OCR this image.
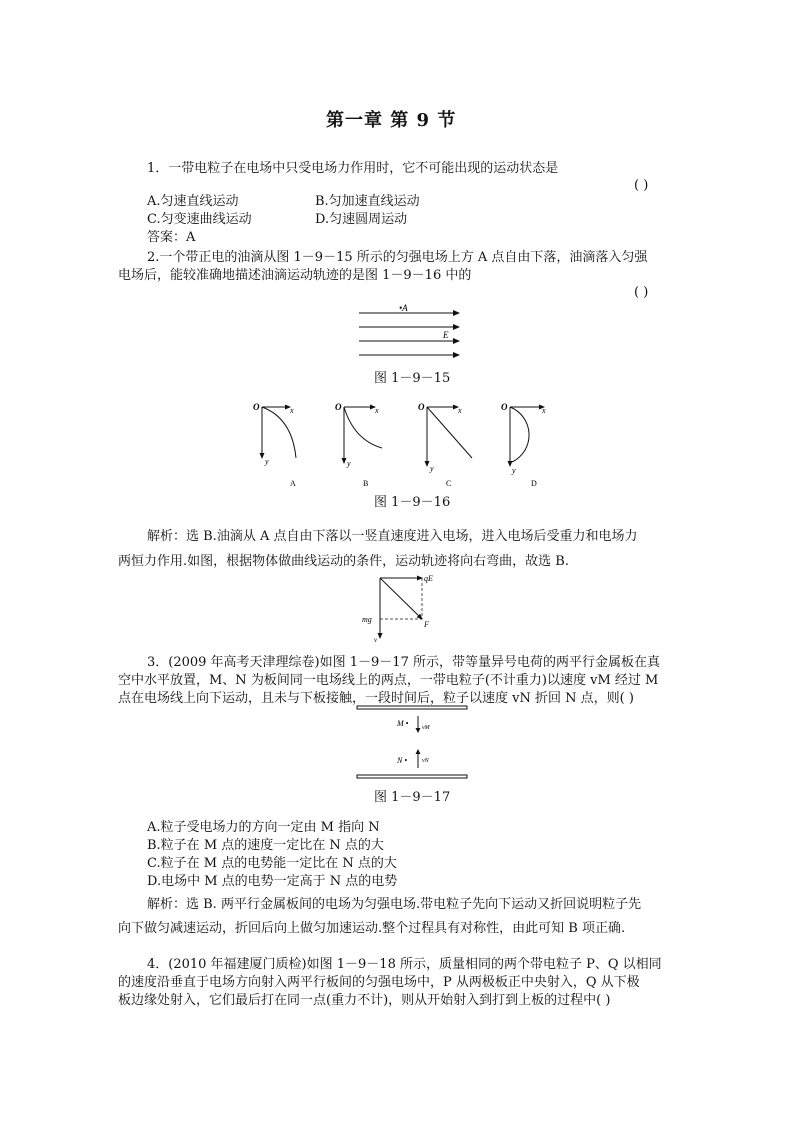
第一章 第 9 节
1．一带电粒子在电场中只受电场力作用时，它不可能出现的运动状态是
( )
A.匀速直线运动	B.匀加速直线运动
C.匀变速曲线运动	D.匀速圆周运动
答案：A
2.一个带正电的油滴从图 1－9－15 所示的匀强电场上方 A 点自由下落，油滴落入匀强
电场后，能较准确地描述油滴运动轨迹的是图 1－9－16 中的
( )
•A
E
图 1－9－15
O	x
y
A
O	x
y
B
O	x
y
C
O	x
y
D
图 1－9－16
解析：选 B.油滴从 A 点自由下落以一竖直速度进入电场，进入电场后受重力和电场力
两恒力作用.如图，根据物体做曲线运动的条件，运动轨迹将向右弯曲，故选 B.
qE
mg
F
v
3．(2009 年高考天津理综卷)如图 1－9－17 所示，带等量异号电荷的两平行金属板在真
空中水平放置，M、N 为板间同一电场线上的两点，一带电粒子(不计重力)以速度 vM 经过 M
点在电场线上向下运动，且未与下板接触，一段时间后，粒子以速度 vN 折回 N 点，则( )
M •
N •
vM
vN
图 1－9－17
A.粒子受电场力的方向一定由 M 指向 N
B.粒子在 M 点的速度一定比在 N 点的大
C.粒子在 M 点的电势能一定比在 N 点的大
D.电场中 M 点的电势一定高于 N 点的电势
解析：选 B. 两平行金属板间的电场为匀强电场.带电粒子先向下运动又折回说明粒子先
向下做匀减速运动，折回后向上做匀加速运动.整个过程具有对称性，由此可知 B 项正确.
4．(2010 年福建厦门质检)如图 1－9－18 所示，质量相同的两个带电粒子 P、Q 以相同
的速度沿垂直于电场方向射入两平行板间的匀强电场中，P 从两极板正中央射入，Q 从下极
板边缘处射入，它们最后打在同一点(重力不计)，则从开始射入到打到上板的过程中( )
